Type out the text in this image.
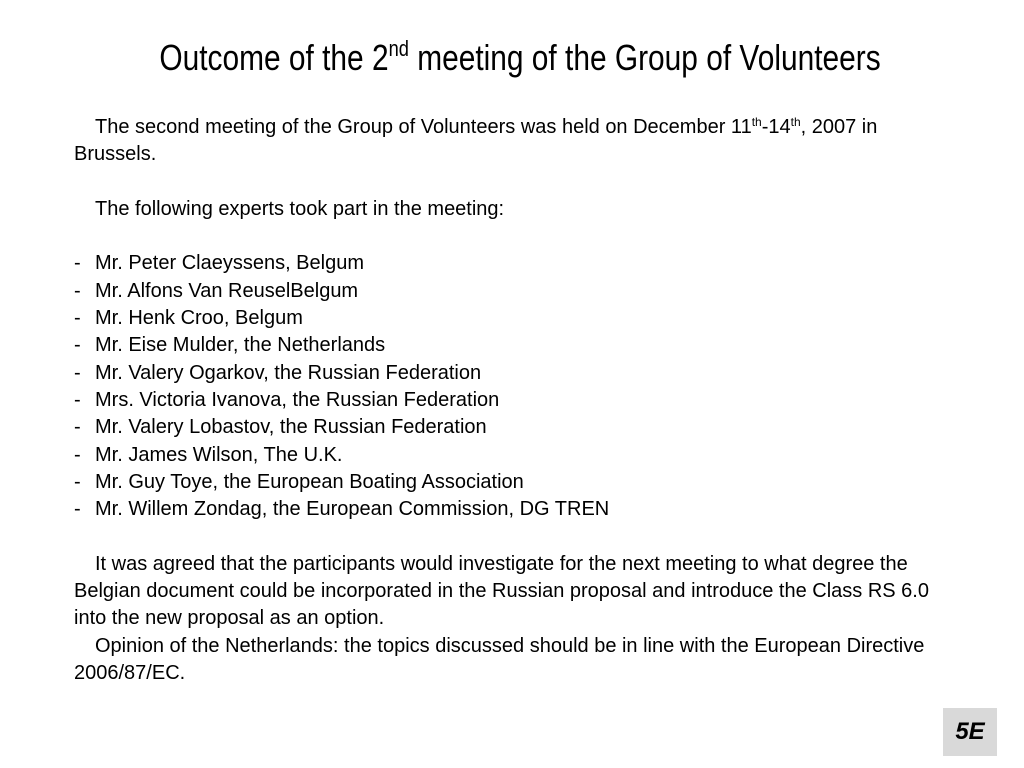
Outcome of the 2nd meeting of the Group of Volunteers

The second meeting of the Group of Volunteers was held on December 11th-14th, 2007 in Brussels.

The following experts took part in the meeting:

- Mr. Peter Claeyssens, Belgum
- Mr. Alfons Van ReuselBelgum
- Mr. Henk Croo, Belgum
- Mr. Eise Mulder, the Netherlands
- Mr. Valery Ogarkov, the Russian Federation
- Mrs. Victoria Ivanova, the Russian Federation
- Mr. Valery Lobastov, the Russian Federation
- Mr. James Wilson, The U.K.
- Mr. Guy Toye, the European Boating Association
- Mr. Willem Zondag, the European Commission, DG TREN

It was agreed that the participants would investigate for the next meeting to what degree the Belgian document could be incorporated in the Russian proposal and introduce the Class RS 6.0 into the new proposal as an option.

Opinion of the Netherlands: the topics discussed should be in line with the European Directive 2006/87/EC.

5E
